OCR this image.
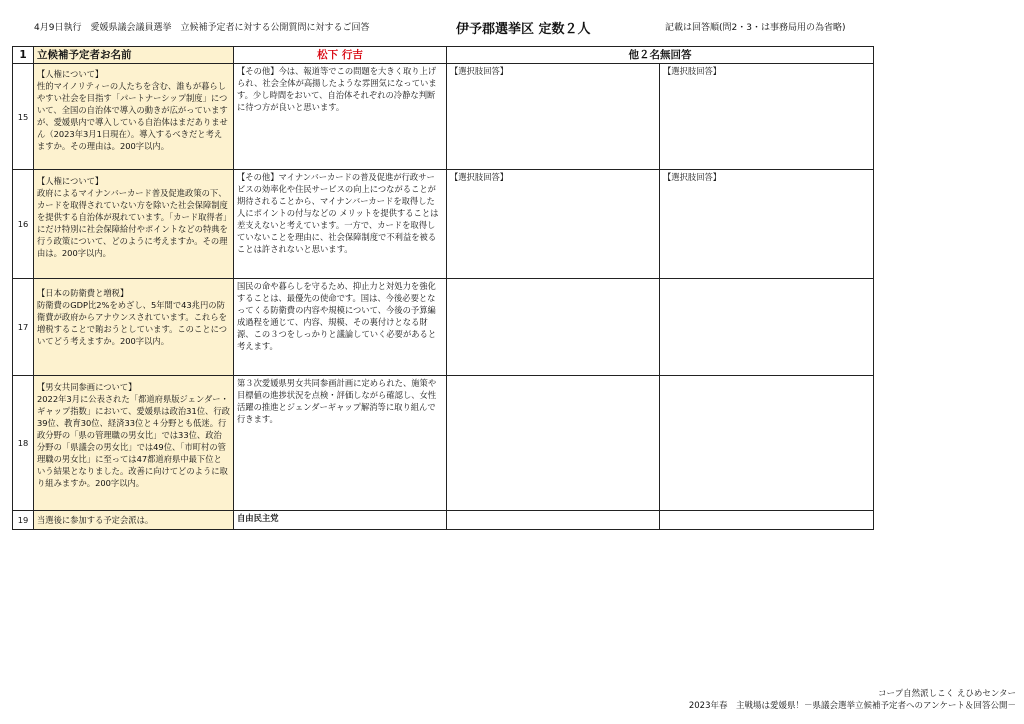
4月9日執行　愛媛県議会議員選挙　立候補予定者に対する公開質問に対するご回答	伊予郡選挙区 定数２人	記載は回答順(問2・3・は事務局用の為省略)
1	立候補予定者お名前	松下 行吉	他２名無回答	
15	【人権について】
性的マイノリティーの人たちを含む、誰もが暮らしやすい社会を目指す「パートナーシップ制度」について、全国の自治体で導入の動きが広がっていますが、愛媛県内で導入している自治体はまだありません（2023年3月1日現在）。導入するべきだと考えますか。その理由は。200字以内。	【その他】今は、報道等でこの問題を大きく取り上げられ、社会全体が高揚したような雰囲気になっています。少し時間をおいて、自治体それぞれの冷静な判断に待つ方が良いと思います。	【選択肢回答】	【選択肢回答】
16	【人権について】
政府によるマイナンバーカード普及促進政策の下、カードを取得されていない方を除いた社会保障制度を提供する自治体が現れています。「カード取得者」にだけ特別に社会保障給付やポイントなどの特典を行う政策について、どのように考えますか。その理由は。200字以内。	【その他】マイナンバーカードの普及促進が行政サービスの効率化や住民サービスの向上につながることが期待されることから、マイナンバーカードを取得した人にポイントの付与などの メリットを提供することは差支えないと考えています。一方で、カードを取得していないことを理由に、社会保障制度で不利益を被ることは許されないと思います。	【選択肢回答】	【選択肢回答】
17	【日本の防衛費と増税】
防衛費のGDP比2%をめざし、5年間で43兆円の防衛費が政府からアナウンスされています。これらを増税することで賄おうとしています。このことについてどう考えますか。200字以内。	国民の命や暮らしを守るため、抑止力と対処力を強化することは、最優先の使命です。国は、今後必要となってくる防衛費の内容や規模について、今後の予算編成過程を通じて、内容、規模、その裏付けとなる財源、この３つをしっかりと議論していく必要があると考えます。		
18	【男女共同参画について】
2022年3月に公表された「都道府県版ジェンダー・ギャップ指数」において、愛媛県は政治31位、行政39位、教育30位、経済33位と４分野とも低迷。行政分野の「県の管理職の男女比」では33位、政治分野の「県議会の男女比」では49位、「市町村の管理職の男女比」に至っては47都道府県中最下位という結果となりました。改善に向けてどのように取り組みますか。200字以内。	第３次愛媛県男女共同参画計画に定められた、施策や目標値の進捗状況を点検・評価しながら確認し、女性活躍の推進とジェンダーギャップ解消等に取り組んで行きます。		
19	当選後に参加する予定会派は。	自由民主党		
コープ自然派しこく えひめセンター
2023年春　主戦場は愛媛県！－県議会選挙立候補予定者へのアンケート＆回答公開－
